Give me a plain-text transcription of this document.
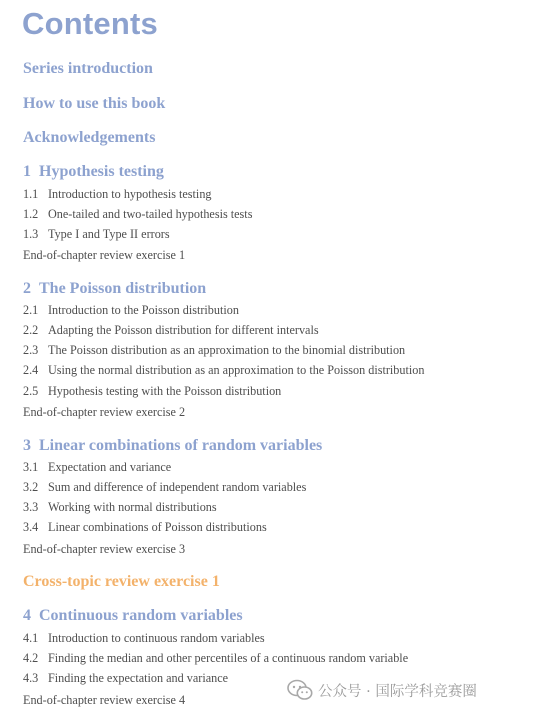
Contents
Series introduction
How to use this book
Acknowledgements
1 Hypothesis testing
1.1 Introduction to hypothesis testing
1.2 One-tailed and two-tailed hypothesis tests
1.3 Type I and Type II errors
End-of-chapter review exercise 1
2 The Poisson distribution
2.1 Introduction to the Poisson distribution
2.2 Adapting the Poisson distribution for different intervals
2.3 The Poisson distribution as an approximation to the binomial distribution
2.4 Using the normal distribution as an approximation to the Poisson distribution
2.5 Hypothesis testing with the Poisson distribution
End-of-chapter review exercise 2
3 Linear combinations of random variables
3.1 Expectation and variance
3.2 Sum and difference of independent random variables
3.3 Working with normal distributions
3.4 Linear combinations of Poisson distributions
End-of-chapter review exercise 3
Cross-topic review exercise 1
4 Continuous random variables
4.1 Introduction to continuous random variables
4.2 Finding the median and other percentiles of a continuous random variable
4.3 Finding the expectation and variance
End-of-chapter review exercise 4
公众号 · 国际学科竞赛圈
